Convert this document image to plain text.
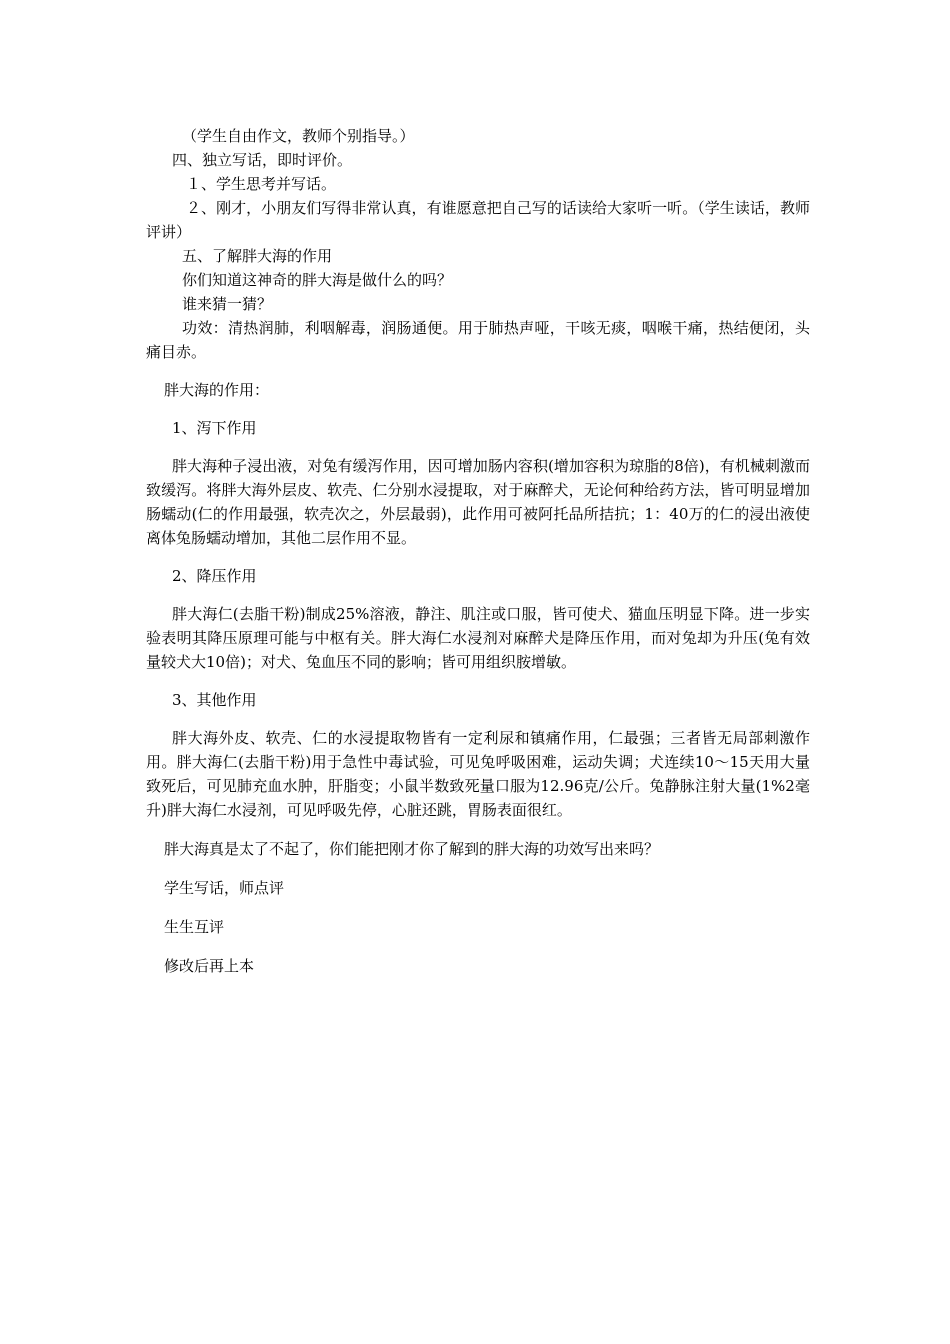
（学生自由作文，教师个别指导。）

四、独立写话，即时评价。

１、学生思考并写话。

２、刚才，小朋友们写得非常认真，有谁愿意把自己写的话读给大家听一听。（学生读话，教师评讲）

五、了解胖大海的作用

你们知道这神奇的胖大海是做什么的吗？

谁来猜一猜？

功效：清热润肺，利咽解毒，润肠通便。用于肺热声哑，干咳无痰，咽喉干痛，热结便闭，头痛目赤。

胖大海的作用：

1、泻下作用

胖大海种子浸出液，对兔有缓泻作用，因可增加肠内容积(增加容积为琼脂的8倍)，有机械刺激而致缓泻。将胖大海外层皮、软壳、仁分别水浸提取，对于麻醉犬，无论何种给药方法，皆可明显增加肠蠕动(仁的作用最强，软壳次之，外层最弱)，此作用可被阿托品所拮抗；1：40万的仁的浸出液使离体兔肠蠕动增加，其他二层作用不显。

2、降压作用

胖大海仁(去脂干粉)制成25%溶液，静注、肌注或口服，皆可使犬、猫血压明显下降。进一步实验表明其降压原理可能与中枢有关。胖大海仁水浸剂对麻醉犬是降压作用，而对兔却为升压(兔有效量较犬大10倍)；对犬、兔血压不同的影响；皆可用组织胺增敏。

3、其他作用

胖大海外皮、软壳、仁的水浸提取物皆有一定利尿和镇痛作用，仁最强；三者皆无局部刺激作用。胖大海仁(去脂干粉)用于急性中毒试验，可见兔呼吸困难，运动失调；犬连续10～15天用大量致死后，可见肺充血水肿，肝脂变；小鼠半数致死量口服为12.96克/公斤。兔静脉注射大量(1%2毫升)胖大海仁水浸剂，可见呼吸先停，心脏还跳，胃肠表面很红。

胖大海真是太了不起了，你们能把刚才你了解到的胖大海的功效写出来吗？

学生写话，师点评

生生互评

修改后再上本
